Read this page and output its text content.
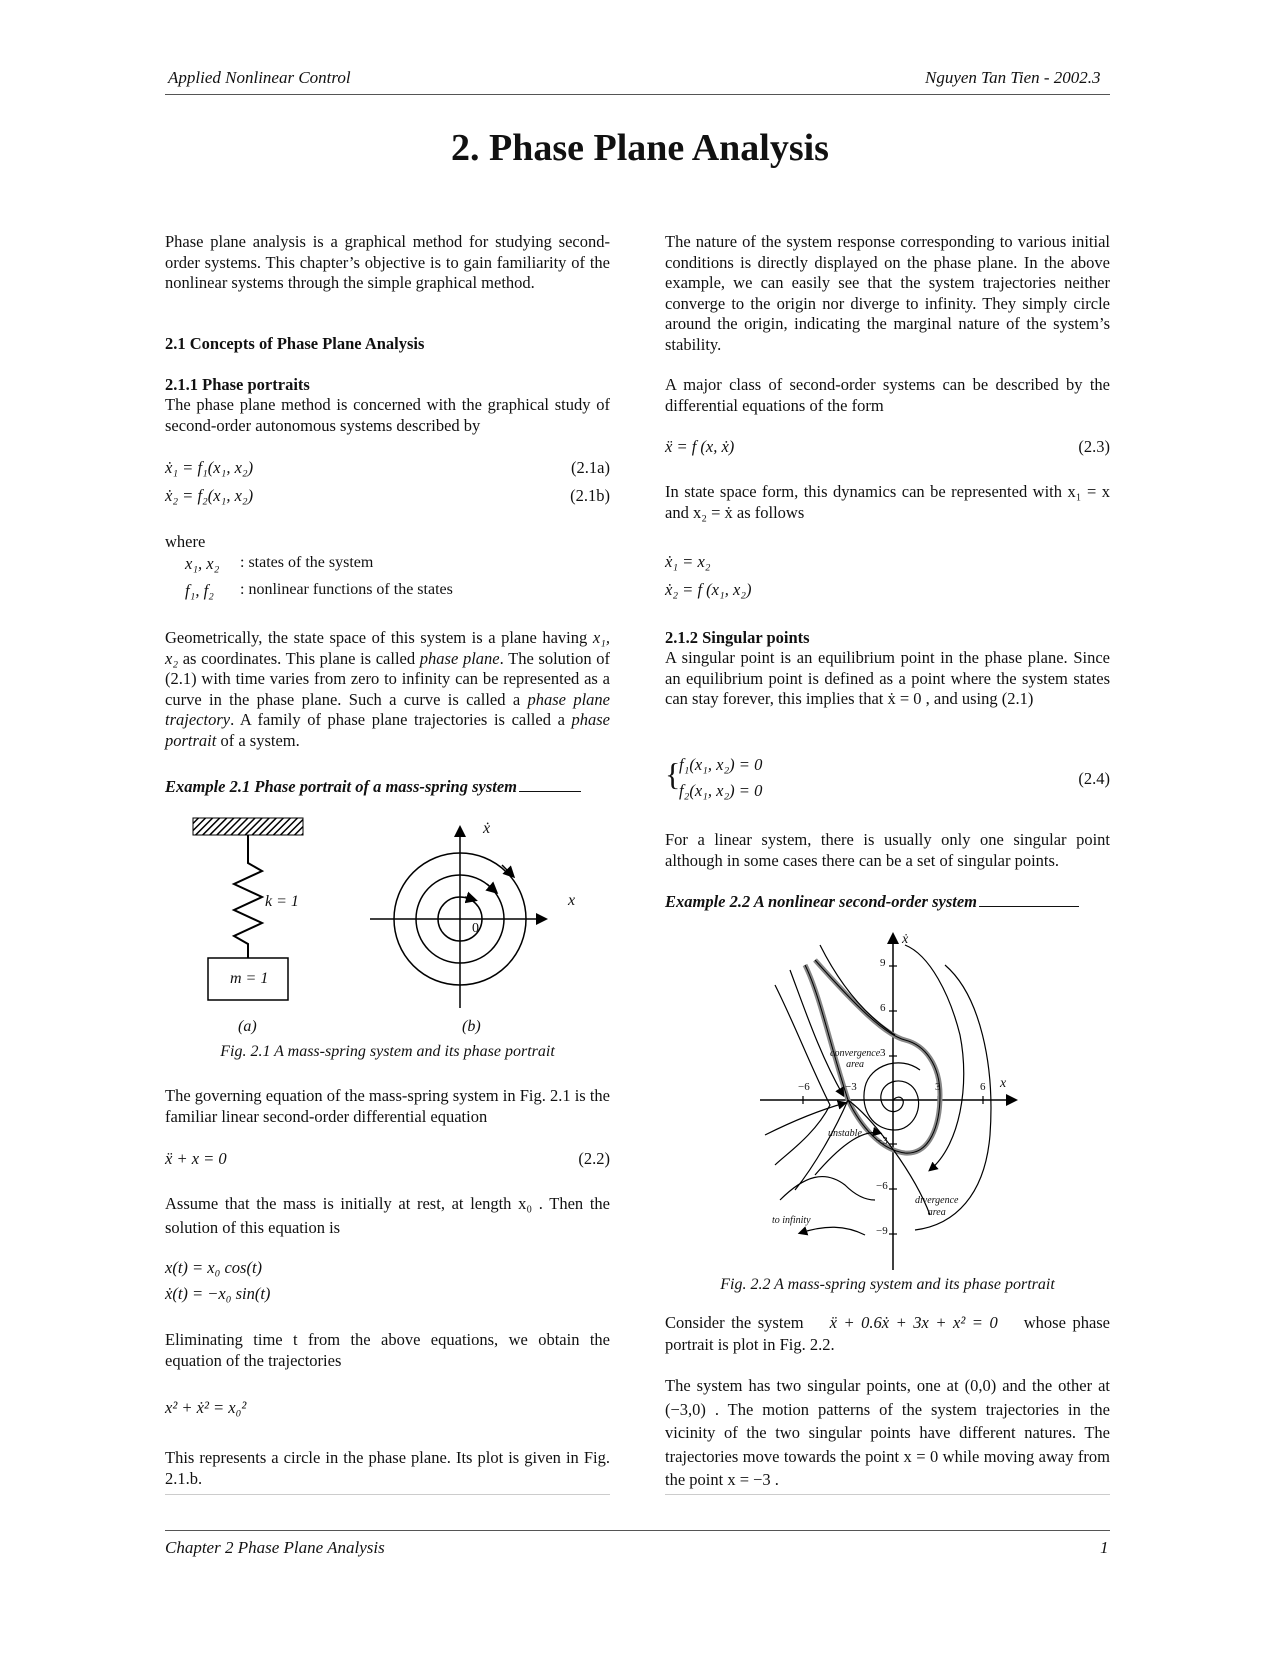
Applied Nonlinear Control	Nguyen Tan Tien - 2002.3
2. Phase Plane Analysis
Phase plane analysis is a graphical method for studying second-order systems. This chapter’s objective is to gain familiarity of the nonlinear systems through the simple graphical method.
2.1 Concepts of Phase Plane Analysis
2.1.1 Phase portraits
The phase plane method is concerned with the graphical study of second-order autonomous systems described by
ẋ₁ = f₁(x₁, x₂)	(2.1a)
ẋ₂ = f₂(x₁, x₂)	(2.1b)
where
x₁, x₂ : states of the system
f₁, f₂ : nonlinear functions of the states
Geometrically, the state space of this system is a plane having x₁, x₂ as coordinates. This plane is called phase plane. The solution of (2.1) with time varies from zero to infinity can be represented as a curve in the phase plane. Such a curve is called a phase plane trajectory. A family of phase plane trajectories is called a phase portrait of a system.
Example 2.1 Phase portrait of a mass-spring system
k = 1
m = 1
ẋ
x
0
(a)	(b)
Fig. 2.1 A mass-spring system and its phase portrait
The governing equation of the mass-spring system in Fig. 2.1 is the familiar linear second-order differential equation
ẍ + x = 0	(2.2)
Assume that the mass is initially at rest, at length x₀ . Then the solution of this equation is
x(t) = x₀ cos(t)
ẋ(t) = −x₀ sin(t)
Eliminating time t from the above equations, we obtain the equation of the trajectories
x² + ẋ² = x₀²
This represents a circle in the phase plane. Its plot is given in Fig. 2.1.b.
The nature of the system response corresponding to various initial conditions is directly displayed on the phase plane. In the above example, we can easily see that the system trajectories neither converge to the origin nor diverge to infinity. They simply circle around the origin, indicating the marginal nature of the system’s stability.
A major class of second-order systems can be described by the differential equations of the form
ẍ = f (x, ẋ)	(2.3)
In state space form, this dynamics can be represented with x₁ = x and x₂ = ẋ as follows
ẋ₁ = x₂
ẋ₂ = f (x₁, x₂)
2.1.2 Singular points
A singular point is an equilibrium point in the phase plane. Since an equilibrium point is defined as a point where the system states can stay forever, this implies that ẋ = 0 , and using (2.1)
{
f₁(x₁, x₂) = 0
f₂(x₁, x₂) = 0
(2.4)
For a linear system, there is usually only one singular point although in some cases there can be a set of singular points.
Example 2.2 A nonlinear second-order system
ẋ
x
9
6
3
−3
−6
−9
−6	−3	3	6
convergence
area
unstable
divergence
area
to infinity
Fig. 2.2 A mass-spring system and its phase portrait
Consider the system ẍ + 0.6ẋ + 3x + x² = 0 whose phase portrait is plot in Fig. 2.2.
The system has two singular points, one at (0,0) and the other at (−3,0) . The motion patterns of the system trajectories in the vicinity of the two singular points have different natures. The trajectories move towards the point x = 0 while moving away from the point x = −3 .
Chapter 2 Phase Plane Analysis	1
